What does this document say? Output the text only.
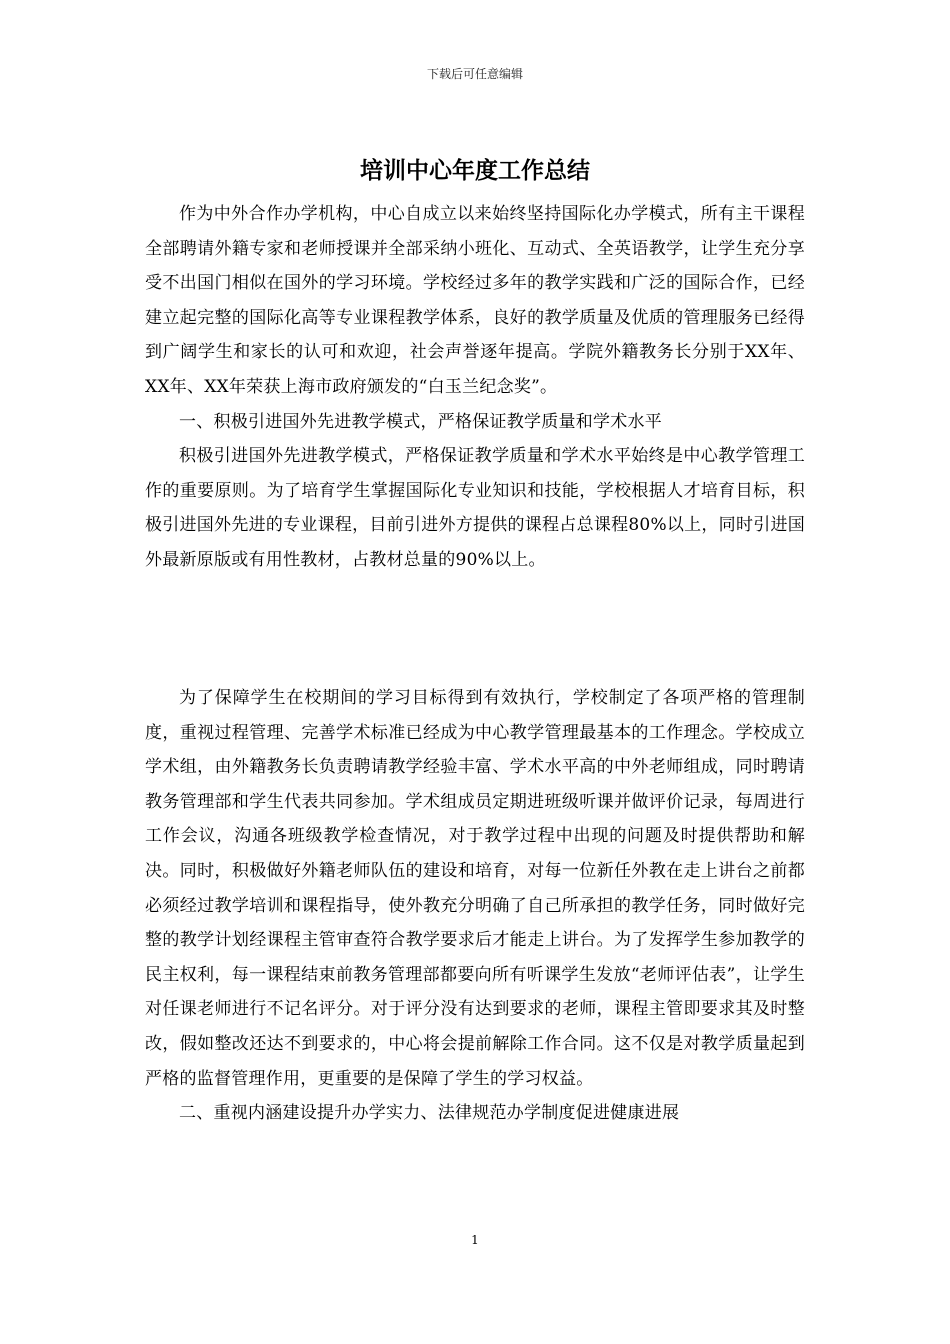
下载后可任意编辑
培训中心年度工作总结

作为中外合作办学机构，中心自成立以来始终坚持国际化办学模式，所有主干课程全部聘请外籍专家和老师授课并全部采纳小班化、互动式、全英语教学，让学生充分享受不出国门相似在国外的学习环境。学校经过多年的教学实践和广泛的国际合作，已经建立起完整的国际化高等专业课程教学体系，良好的教学质量及优质的管理服务已经得到广阔学生和家长的认可和欢迎，社会声誉逐年提高。学院外籍教务长分别于XX年、XX年、XX年荣获上海市政府颁发的“白玉兰纪念奖”。

一、积极引进国外先进教学模式，严格保证教学质量和学术水平

积极引进国外先进教学模式，严格保证教学质量和学术水平始终是中心教学管理工作的重要原则。为了培育学生掌握国际化专业知识和技能，学校根据人才培育目标，积极引进国外先进的专业课程，目前引进外方提供的课程占总课程80%以上，同时引进国外最新原版或有用性教材，占教材总量的90%以上。

为了保障学生在校期间的学习目标得到有效执行，学校制定了各项严格的管理制度，重视过程管理、完善学术标准已经成为中心教学管理最基本的工作理念。学校成立学术组，由外籍教务长负责聘请教学经验丰富、学术水平高的中外老师组成，同时聘请教务管理部和学生代表共同参加。学术组成员定期进班级听课并做评价记录，每周进行工作会议，沟通各班级教学检查情况，对于教学过程中出现的问题及时提供帮助和解决。同时，积极做好外籍老师队伍的建设和培育，对每一位新任外教在走上讲台之前都必须经过教学培训和课程指导，使外教充分明确了自己所承担的教学任务，同时做好完整的教学计划经课程主管审查符合教学要求后才能走上讲台。为了发挥学生参加教学的民主权利，每一课程结束前教务管理部都要向所有听课学生发放“老师评估表”，让学生对任课老师进行不记名评分。对于评分没有达到要求的老师，课程主管即要求其及时整改，假如整改还达不到要求的，中心将会提前解除工作合同。这不仅是对教学质量起到严格的监督管理作用，更重要的是保障了学生的学习权益。

二、重视内涵建设提升办学实力、法律规范办学制度促进健康进展

1
